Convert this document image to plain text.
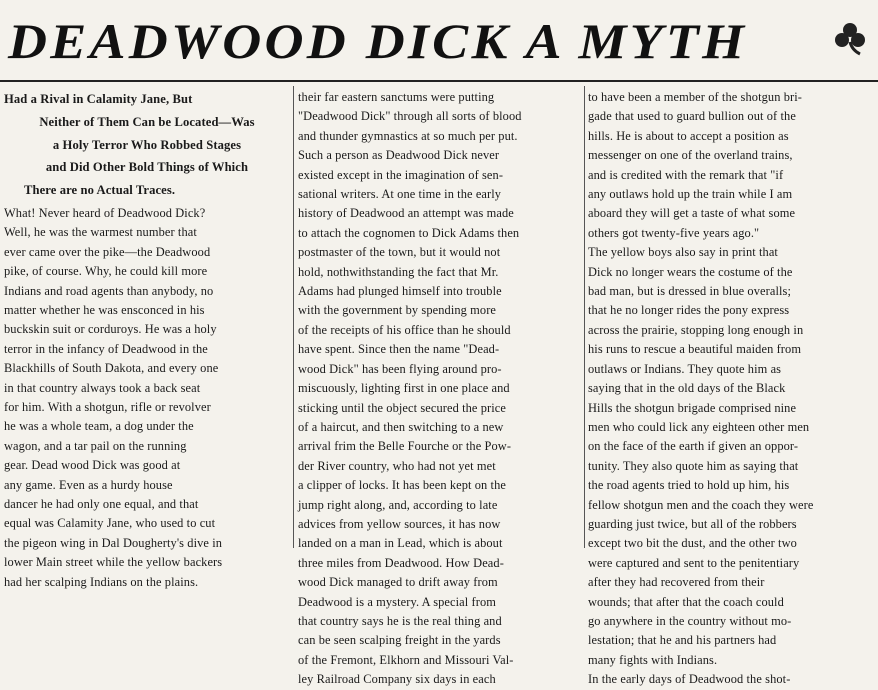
DEADWOOD DICK A MYTH
Had a Rival in Calamity Jane, But
Neither of Them Can be Located—Was
a Holy Terror Who Robbed Stages
and Did Other Bold Things of Which
There are no Actual Traces.
What! Never heard of Deadwood Dick?
Well, he was the warmest number that
ever came over the pike—the Deadwood
pike, of course. Why, he could kill more
Indians and road agents than anybody, no
matter whether he was ensconced in his
buckskin suit or corduroys. He was a holy
terror in the infancy of Deadwood in the
Blackhills of South Dakota, and every one
in that country always took a back seat
for him. With a shotgun, rifle or revolver
he was a whole team, a dog under the
wagon, and a tar pail on the running
gear. Dead wood Dick was good at
any game. Even as a hurdy house
dancer he had only one equal, and that
equal was Calamity Jane, who used to cut
the pigeon wing in Dal Dougherty's dive in
lower Main street while the yellow backers
had her scalping Indians on the plains.
their far eastern sanctums were putting
"Deadwood Dick" through all sorts of blood
and thunder gymnastics at so much per put.
Such a person as Deadwood Dick never
existed except in the imagination of sen-
sational writers. At one time in the early
history of Deadwood an attempt was made
to attach the cognomen to Dick Adams then
postmaster of the town, but it would not
hold, nothwithstanding the fact that Mr.
Adams had plunged himself into trouble
with the government by spending more
of the receipts of his office than he should
have spent. Since then the name "Dead-
wood Dick" has been flying around pro-
miscuously, lighting first in one place and
sticking until the object secured the price
of a haircut, and then switching to a new
arrival frim the Belle Fourche or the Pow-
der River country, who had not yet met
a clipper of locks. It has been kept on the
jump right along, and, according to late
advices from yellow sources, it has now
landed on a man in Lead, which is about
three miles from Deadwood. How Dead-
wood Dick managed to drift away from
Deadwood is a mystery. A special from
that country says he is the real thing and
can be seen scalping freight in the yards
of the Fremont, Elkhorn and Missouri Val-
ley Railroad Company six days in each
to have been a member of the shotgun bri-
gade that used to guard bullion out of the
hills. He is about to accept a position as
messenger on one of the overland trains,
and is credited with the remark that "if
any outlaws hold up the train while I am
aboard they will get a taste of what some
others got twenty-five years ago."
The yellow boys also say in print that
Dick no longer wears the costume of the
bad man, but is dressed in blue overalls;
that he no longer rides the pony express
across the prairie, stopping long enough in
his runs to rescue a beautiful maiden from
outlaws or Indians. They quote him as
saying that in the old days of the Black
Hills the shotgun brigade comprised nine
men who could lick any eighteen other men
on the face of the earth if given an oppor-
tunity. They also quote him as saying that
the road agents tried to hold up him, his
fellow shotgun men and the coach they were
guarding just twice, but all of the robbers
except two bit the dust, and the other two
were captured and sent to the penitentiary
after they had recovered from their
wounds; that after that the coach could
go anywhere in the country without mo-
lestation; that he and his partners had
many fights with Indians.
In the early days of Deadwood the shot-
